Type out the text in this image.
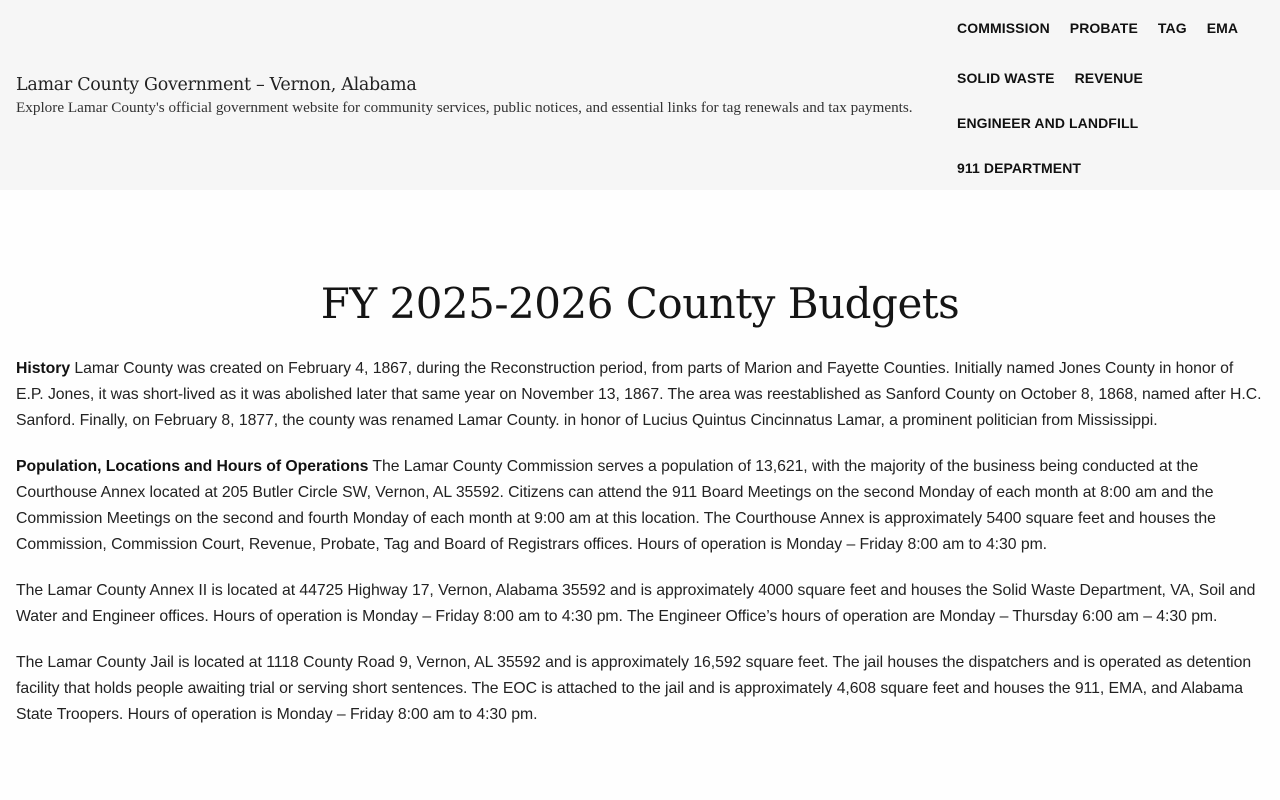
Lamar County Government – Vernon, Alabama
Explore Lamar County's official government website for community services, public notices, and essential links for tag renewals and tax payments.
COMMISSION PROBATE TAG EMA
SOLID WASTE REVENUE
ENGINEER AND LANDFILL
911 DEPARTMENT
FY 2025-2026 County Budgets

History Lamar County was created on February 4, 1867, during the Reconstruction period, from parts of Marion and Fayette Counties. Initially named Jones County in honor of E.P. Jones, it was short-lived as it was abolished later that same year on November 13, 1867. The area was reestablished as Sanford County on October 8, 1868, named after H.C. Sanford. Finally, on February 8, 1877, the county was renamed Lamar County. in honor of Lucius Quintus Cincinnatus Lamar, a prominent politician from Mississippi.

Population, Locations and Hours of Operations The Lamar County Commission serves a population of 13,621, with the majority of the business being conducted at the Courthouse Annex located at 205 Butler Circle SW, Vernon, AL 35592. Citizens can attend the 911 Board Meetings on the second Monday of each month at 8:00 am and the Commission Meetings on the second and fourth Monday of each month at 9:00 am at this location. The Courthouse Annex is approximately 5400 square feet and houses the Commission, Commission Court, Revenue, Probate, Tag and Board of Registrars offices. Hours of operation is Monday – Friday 8:00 am to 4:30 pm.

The Lamar County Annex II is located at 44725 Highway 17, Vernon, Alabama 35592 and is approximately 4000 square feet and houses the Solid Waste Department, VA, Soil and Water and Engineer offices. Hours of operation is Monday – Friday 8:00 am to 4:30 pm. The Engineer Office’s hours of operation are Monday – Thursday 6:00 am – 4:30 pm.

The Lamar County Jail is located at 1118 County Road 9, Vernon, AL 35592 and is approximately 16,592 square feet. The jail houses the dispatchers and is operated as detention facility that holds people awaiting trial or serving short sentences. The EOC is attached to the jail and is approximately 4,608 square feet and houses the 911, EMA, and Alabama State Troopers. Hours of operation is Monday – Friday 8:00 am to 4:30 pm.
